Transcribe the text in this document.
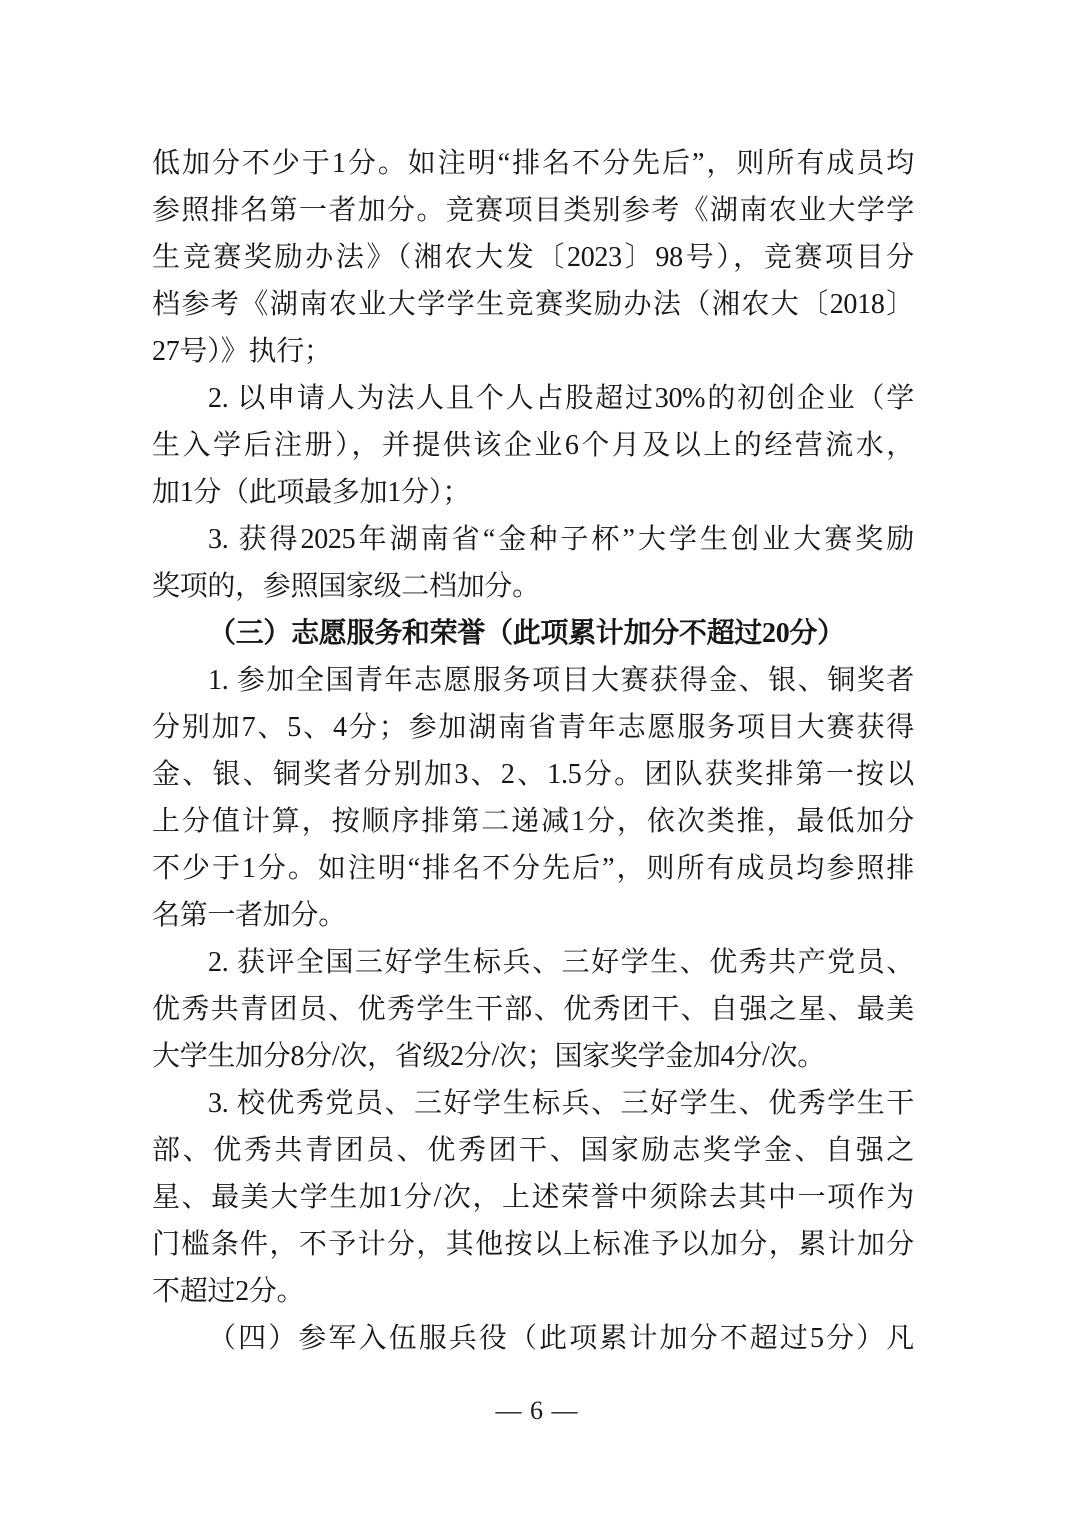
低加分不少于1分。如注明“排名不分先后”，则所有成员均
参照排名第一者加分。竞赛项目类别参考《湖南农业大学学
生竞赛奖励办法》（湘农大发〔2023〕98号），竞赛项目分
档参考《湖南农业大学学生竞赛奖励办法（湘农大〔2018〕
27号）》执行；
2. 以申请人为法人且个人占股超过30%的初创企业（学
生入学后注册），并提供该企业6个月及以上的经营流水，
加1分（此项最多加1分）；
3. 获得2025年湖南省“金种子杯”大学生创业大赛奖励
奖项的，参照国家级二档加分。
（三）志愿服务和荣誉（此项累计加分不超过20分）
1. 参加全国青年志愿服务项目大赛获得金、银、铜奖者
分别加7、5、4分；参加湖南省青年志愿服务项目大赛获得
金、银、铜奖者分别加3、2、1.5分。团队获奖排第一按以
上分值计算，按顺序排第二递减1分，依次类推，最低加分
不少于1分。如注明“排名不分先后”，则所有成员均参照排
名第一者加分。
2. 获评全国三好学生标兵、三好学生、优秀共产党员、
优秀共青团员、优秀学生干部、优秀团干、自强之星、最美
大学生加分8分/次，省级2分/次；国家奖学金加4分/次。
3. 校优秀党员、三好学生标兵、三好学生、优秀学生干
部、优秀共青团员、优秀团干、国家励志奖学金、自强之
星、最美大学生加1分/次，上述荣誉中须除去其中一项作为
门槛条件，不予计分，其他按以上标准予以加分，累计加分
不超过2分。
（四）参军入伍服兵役（此项累计加分不超过5分）凡
— 6 —
